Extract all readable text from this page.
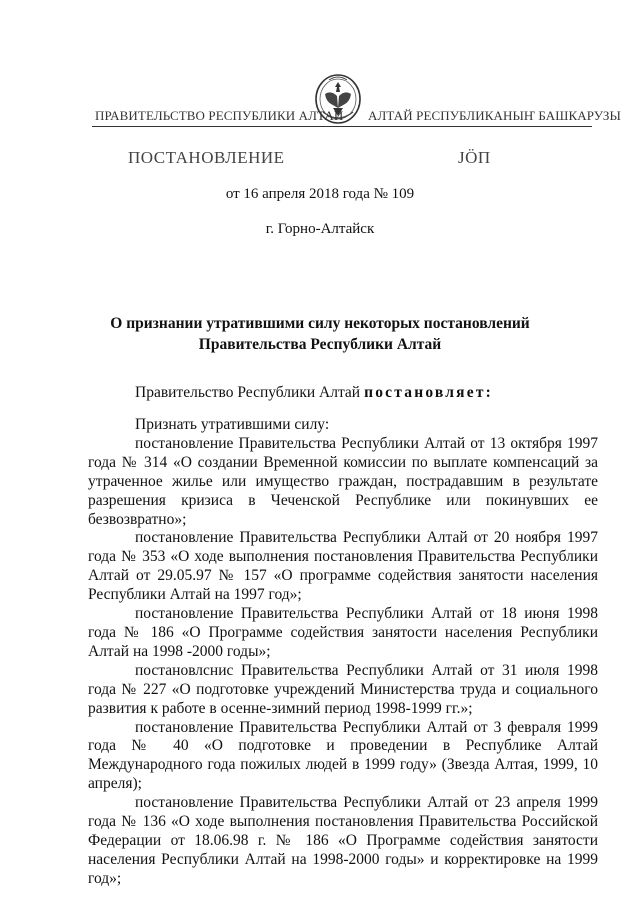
ПРАВИТЕЛЬСТВО РЕСПУБЛИКИ АЛТАЙ АЛТАЙ РЕСПУБЛИКАНЫҤ БАШКАРУЗЫ
ПОСТАНОВЛЕНИЕ	ЈӦП
от 16 апреля 2018 года № 109
г. Горно-Алтайск
О признании утратившими силу некоторых постановлений
Правительства Республики Алтай
Правительство Республики Алтай постановляет:

Признать утратившими силу:

постановление Правительства Республики Алтай от 13 октября 1997 года № 314 «О создании Временной комиссии по выплате компенсаций за утраченное жилье или имущество граждан, пострадавшим в результате разрешения кризиса в Чеченской Республике или покинувших ее безвозвратно»;

постановление Правительства Республики Алтай от 20 ноября 1997 года № 353 «О ходе выполнения постановления Правительства Республики Алтай от 29.05.97 № 157 «О программе содействия занятости населения Республики Алтай на 1997 год»;

постановление Правительства Республики Алтай от 18 июня 1998 года № 186 «О Программе содействия занятости населения Республики Алтай на 1998 -2000 годы»;

постановлснис Правительства Республики Алтай от 31 июля 1998 года № 227 «О подготовке учреждений Министерства труда и социального развития к работе в осенне-зимний период 1998-1999 гг.»;

постановление Правительства Республики Алтай от 3 февраля 1999 года № 40 «О подготовке и проведении в Республике Алтай Международного года пожилых людей в 1999 году» (Звезда Алтая, 1999, 10 апреля);

постановление Правительства Республики Алтай от 23 апреля 1999 года № 136 «О ходе выполнения постановления Правительства Российской Федерации от 18.06.98 г. № 186 «О Программе содействия занятости населения Республики Алтай на 1998-2000 годы» и корректировке на 1999 год»;
